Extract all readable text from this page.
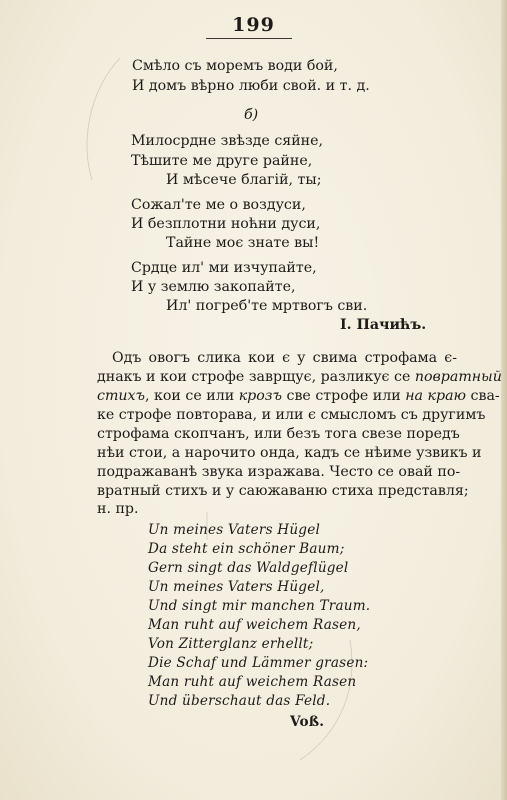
199
Смѣло съ моремъ води бой,
И домъ вѣрно люби свой. и т. д.
б)
Милосрдне звѣзде сяйне,
Тѣшите ме друге райне,
И мѣсече благій, ты;
Сожал'те ме о воздуси,
И безплотни ноћни дуси,
Тайне моє знате вы!
Срдце ил' ми изчупайте,
И у землю закопайте,
Ил' погреб'те мртвогъ сви.
I. Пачићъ.
Одъ овогъ слика кои є у свима строфама є-
днакъ и кои строфе заврщує, разликує се повратный
стихъ, кои се или крозъ све строфе или на краю сва-
ке строфе повторава, и или є смысломъ съ другимъ
строфама скопчанъ, или безъ тога свезе поредъ
нѣи стои, а нарочито онда, кадъ се нѣиме узвикъ и
подражаванѣ звука изражава. Често се овай по-
вратный стихъ и у саюжаваню стиха представля;
н. пр.
Un meines Vaters Hügel
Da steht ein schöner Baum;
Gern singt das Waldgeflügel
Un meines Vaters Hügel,
Und singt mir manchen Traum.
Man ruht auf weichem Rasen,
Von Zitterglanz erhellt;
Die Schaf und Lämmer grasen:
Man ruht auf weichem Rasen
Und überschaut das Feld.
Voß.
